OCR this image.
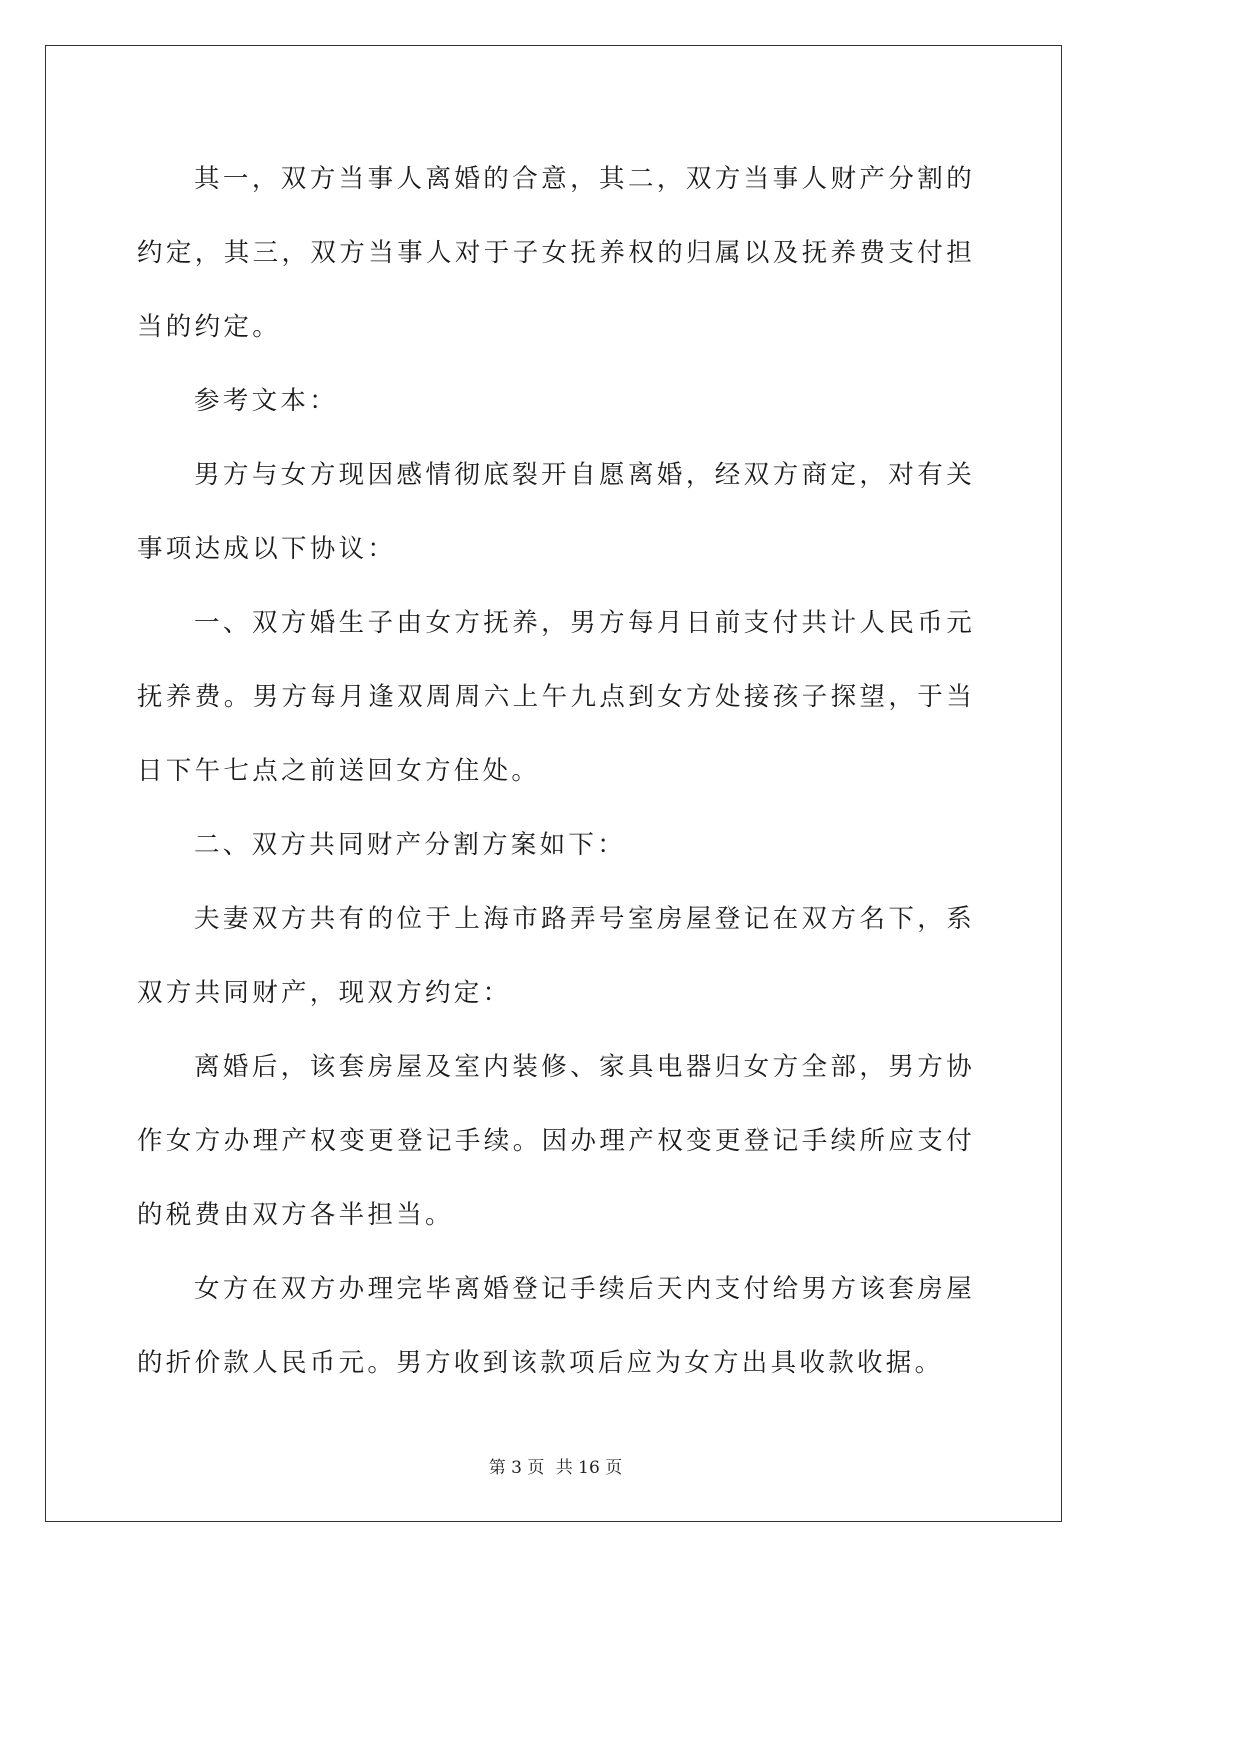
其一，双方当事人离婚的合意，其二，双方当事人财产分割的约定，其三，双方当事人对于子女抚养权的归属以及抚养费支付担当的约定。

参考文本：

男方与女方现因感情彻底裂开自愿离婚，经双方商定，对有关事项达成以下协议：

一、双方婚生子由女方抚养，男方每月日前支付共计人民币元抚养费。男方每月逢双周周六上午九点到女方处接孩子探望，于当日下午七点之前送回女方住处。

二、双方共同财产分割方案如下：

夫妻双方共有的位于上海市路弄号室房屋登记在双方名下，系双方共同财产，现双方约定：

离婚后，该套房屋及室内装修、家具电器归女方全部，男方协作女方办理产权变更登记手续。因办理产权变更登记手续所应支付的税费由双方各半担当。

女方在双方办理完毕离婚登记手续后天内支付给男方该套房屋的折价款人民币元。男方收到该款项后应为女方出具收款收据。

第 3 页 共 16 页
